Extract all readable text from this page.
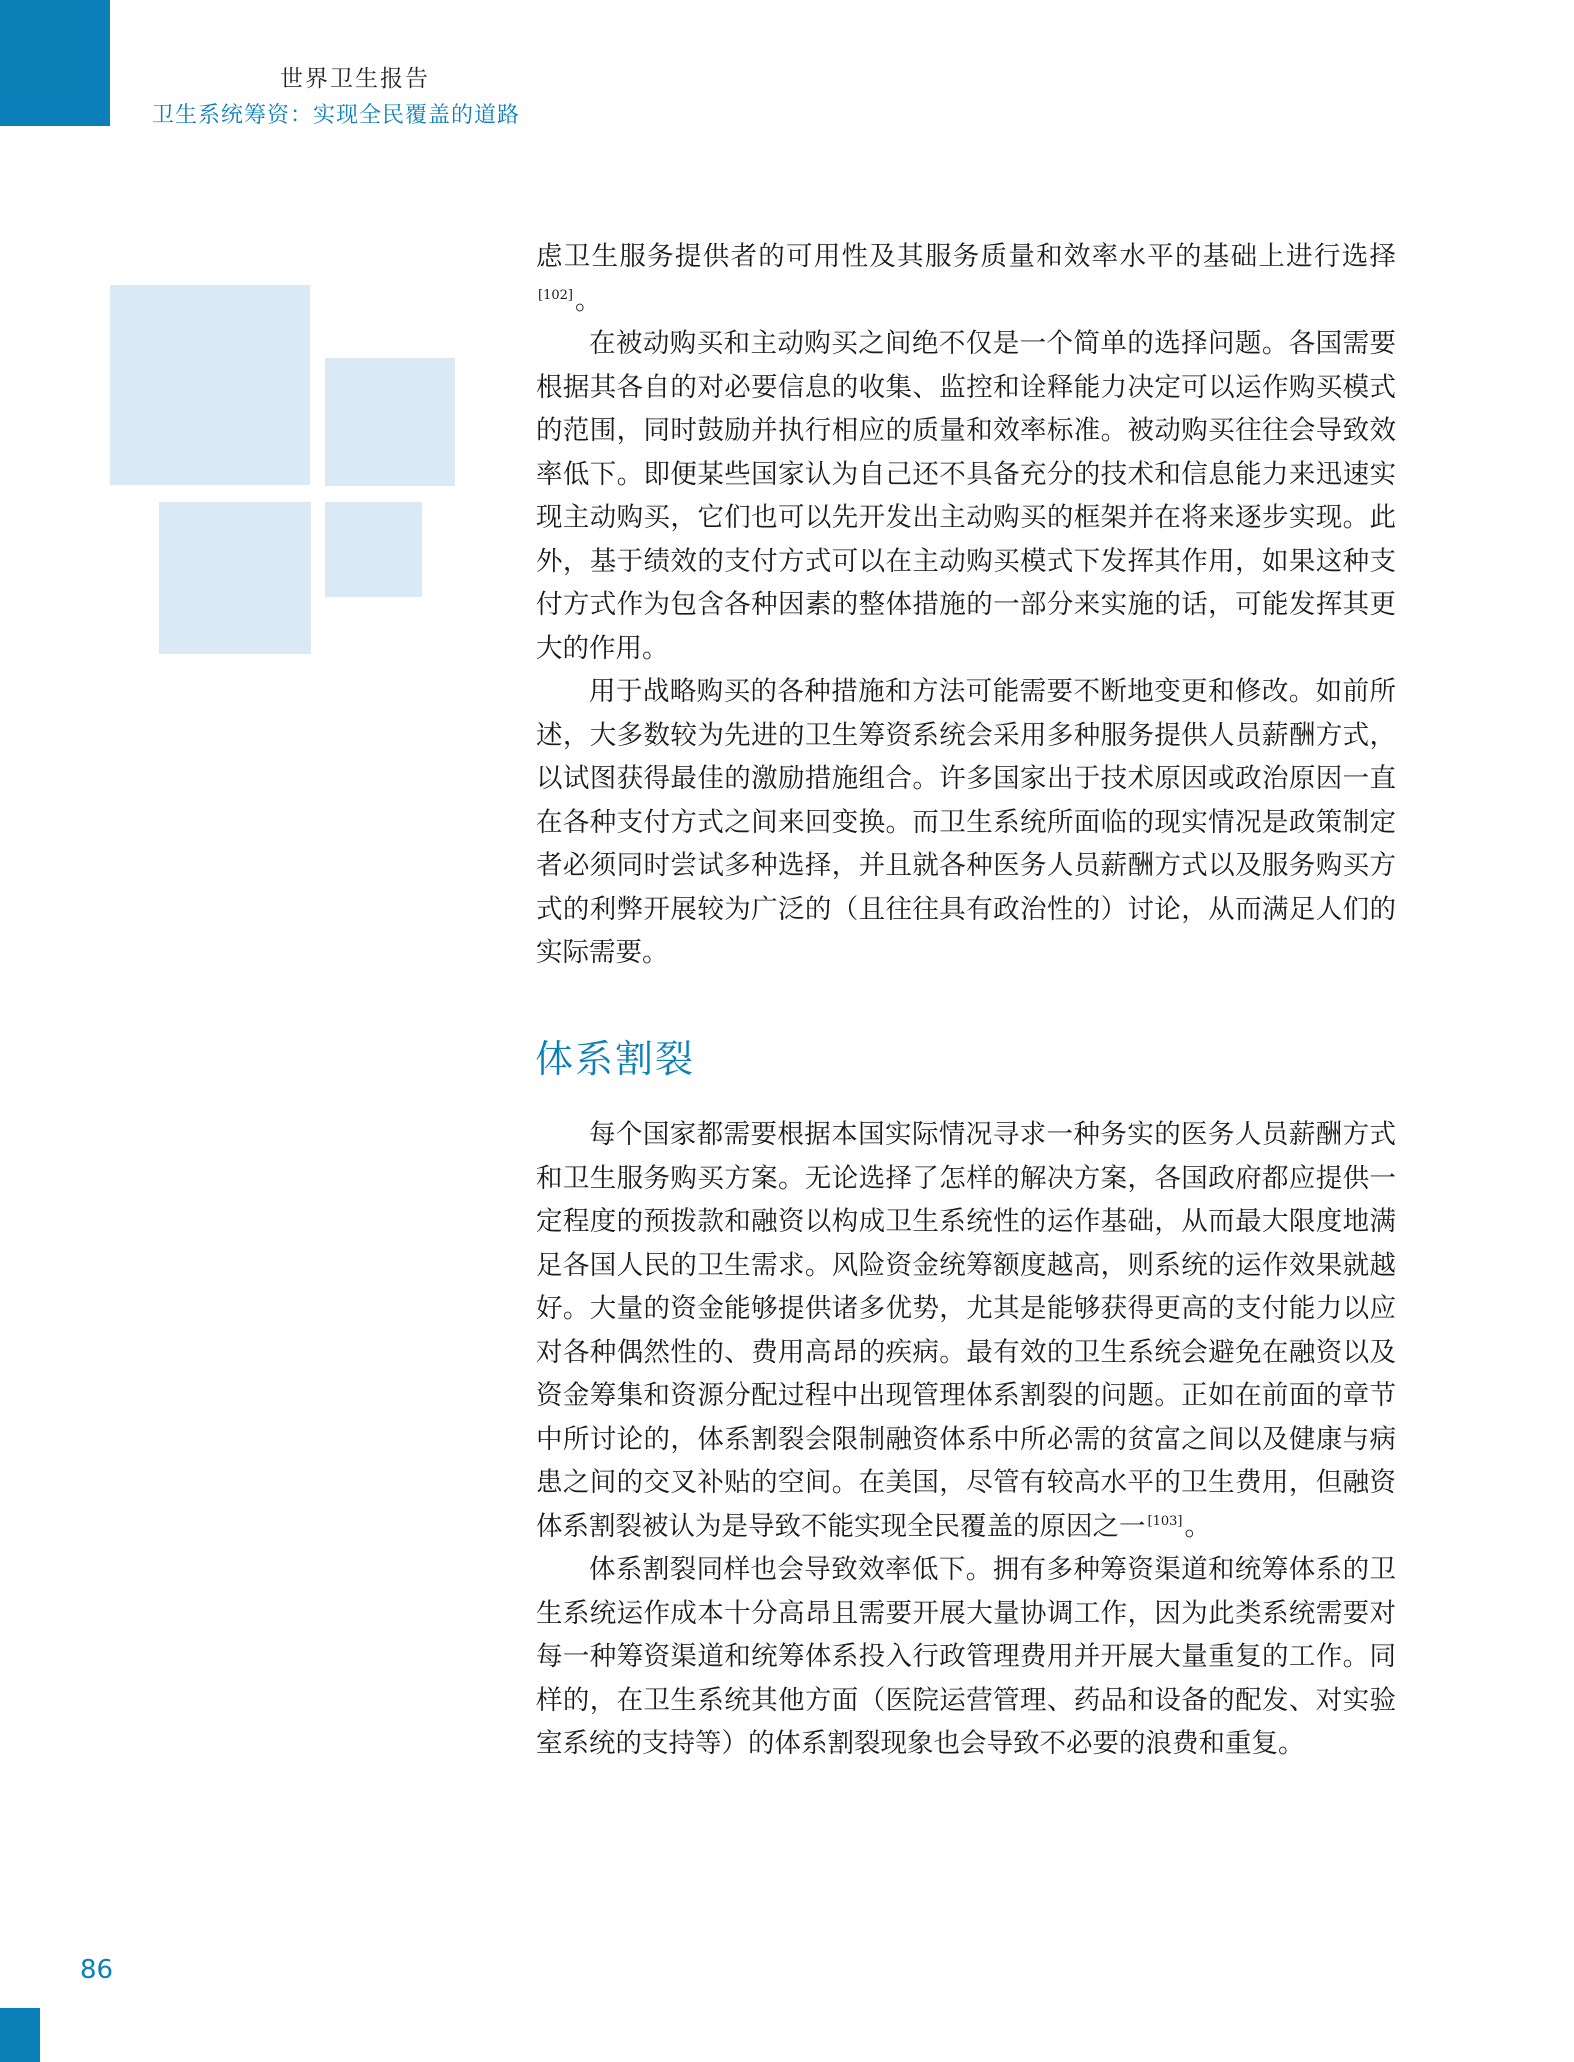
世界卫生报告
卫生系统筹资：实现全民覆盖的道路

虑卫生服务提供者的可用性及其服务质量和效率水平的基础上进行选择[102]。

在被动购买和主动购买之间绝不仅是一个简单的选择问题。各国需要根据其各自的对必要信息的收集、监控和诠释能力决定可以运作购买模式的范围，同时鼓励并执行相应的质量和效率标准。被动购买往往会导致效率低下。即便某些国家认为自己还不具备充分的技术和信息能力来迅速实现主动购买，它们也可以先开发出主动购买的框架并在将来逐步实现。此外，基于绩效的支付方式可以在主动购买模式下发挥其作用，如果这种支付方式作为包含各种因素的整体措施的一部分来实施的话，可能发挥其更大的作用。

用于战略购买的各种措施和方法可能需要不断地变更和修改。如前所述，大多数较为先进的卫生筹资系统会采用多种服务提供人员薪酬方式，以试图获得最佳的激励措施组合。许多国家出于技术原因或政治原因一直在各种支付方式之间来回变换。而卫生系统所面临的现实情况是政策制定者必须同时尝试多种选择，并且就各种医务人员薪酬方式以及服务购买方式的利弊开展较为广泛的（且往往具有政治性的）讨论，从而满足人们的实际需要。

体系割裂

每个国家都需要根据本国实际情况寻求一种务实的医务人员薪酬方式和卫生服务购买方案。无论选择了怎样的解决方案，各国政府都应提供一定程度的预拨款和融资以构成卫生系统性的运作基础，从而最大限度地满足各国人民的卫生需求。风险资金统筹额度越高，则系统的运作效果就越好。大量的资金能够提供诸多优势，尤其是能够获得更高的支付能力以应对各种偶然性的、费用高昂的疾病。最有效的卫生系统会避免在融资以及资金筹集和资源分配过程中出现管理体系割裂的问题。正如在前面的章节中所讨论的，体系割裂会限制融资体系中所必需的贫富之间以及健康与病患之间的交叉补贴的空间。在美国，尽管有较高水平的卫生费用，但融资体系割裂被认为是导致不能实现全民覆盖的原因之一 [103]。

体系割裂同样也会导致效率低下。拥有多种筹资渠道和统筹体系的卫生系统运作成本十分高昂且需要开展大量协调工作，因为此类系统需要对每一种筹资渠道和统筹体系投入行政管理费用并开展大量重复的工作。同样的，在卫生系统其他方面（医院运营管理、药品和设备的配发、对实验室系统的支持等）的体系割裂现象也会导致不必要的浪费和重复。

86
